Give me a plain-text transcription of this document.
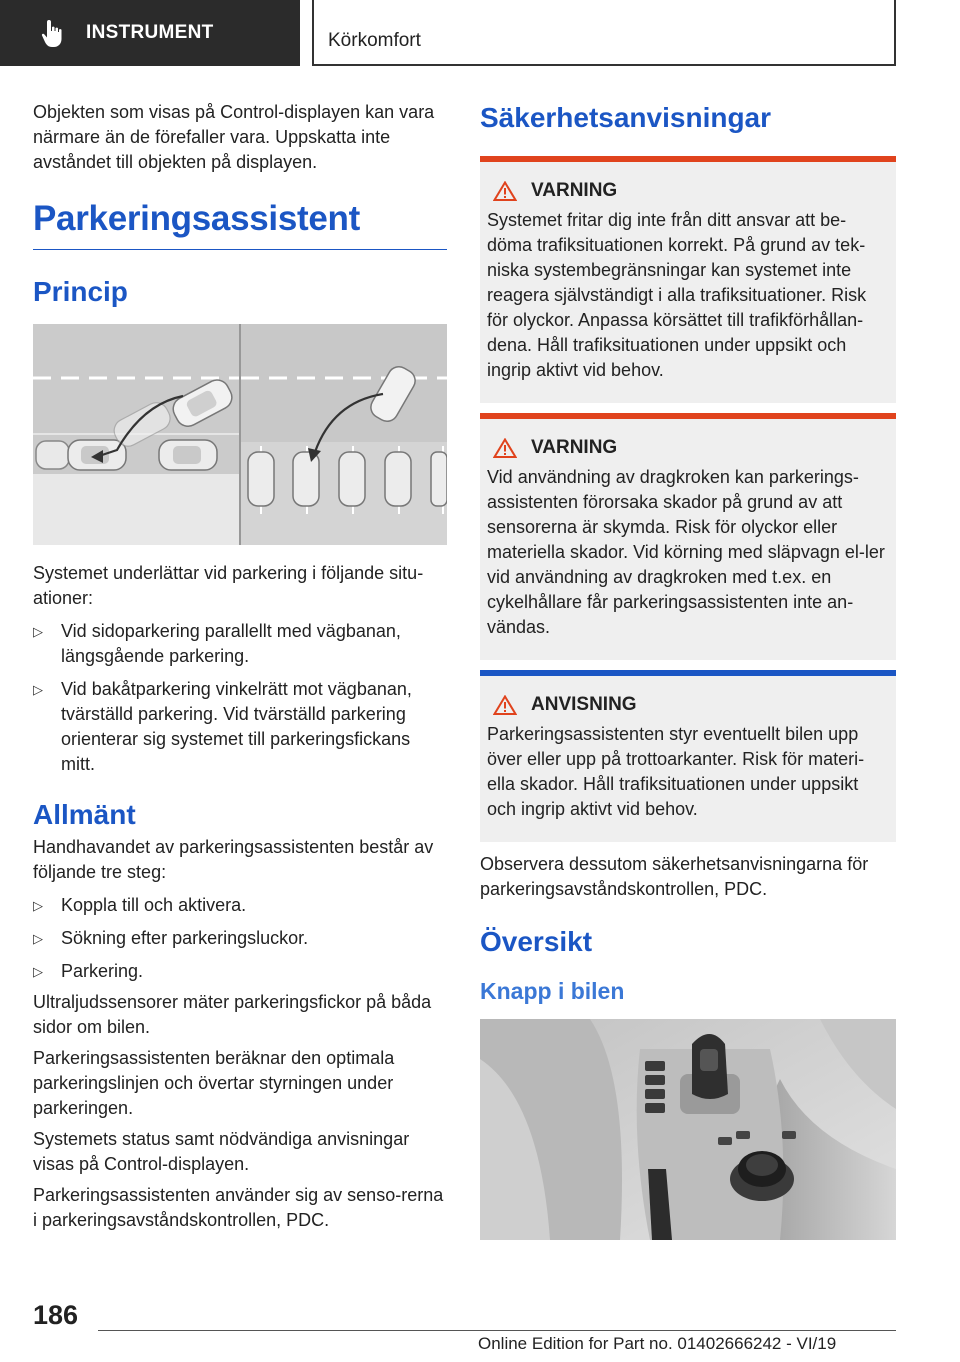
INSTRUMENT	Körkomfort

Objekten som visas på Control-displayen kan vara närmare än de förefaller vara. Uppskatta inte avståndet till objekten på displayen.

Parkeringsassistent
Princip

Systemet underlättar vid parkering i följande situ-ationer:

▷ Vid sidoparkering parallellt med vägbanan, längsgående parkering.
▷ Vid bakåtparkering vinkelrätt mot vägbanan, tvärställd parkering. Vid tvärställd parkering orienterar sig systemet till parkeringsfickans mitt.
Allmänt

Handhavandet av parkeringsassistenten består av följande tre steg:

▷ Koppla till och aktivera.
▷ Sökning efter parkeringsluckor.
▷ Parkering.

Ultraljudssensorer mäter parkeringsfickor på båda sidor om bilen.

Parkeringsassistenten beräknar den optimala parkeringslinjen och övertar styrningen under parkeringen.

Systemets status samt nödvändiga anvisningar visas på Control-displayen.

Parkeringsassistenten använder sig av senso-rerna i parkeringsavståndskontrollen, PDC.

Säkerhetsanvisningar
VARNING
Systemet fritar dig inte från ditt ansvar att be-döma trafiksituationen korrekt. På grund av tek-niska systembegränsningar kan systemet inte reagera självständigt i alla trafiksituationer. Risk för olyckor. Anpassa körsättet till trafikförhållan-dena. Håll trafiksituationen under uppsikt och ingrip aktivt vid behov.
VARNING
Vid användning av dragkroken kan parkerings-assistenten förorsaka skador på grund av att sensorerna är skymda. Risk för olyckor eller materiella skador. Vid körning med släpvagn el-ler vid användning av dragkroken med t.ex. en cykelhållare får parkeringsassistenten inte an-vändas.
ANVISNING
Parkeringsassistenten styr eventuellt bilen upp över eller upp på trottoarkanter. Risk för materi-ella skador. Håll trafiksituationen under uppsikt och ingrip aktivt vid behov.

Observera dessutom säkerhetsanvisningarna för parkeringsavståndskontrollen, PDC.

Översikt
Knapp i bilen
186
Online Edition for Part no. 01402666242 - VI/19
